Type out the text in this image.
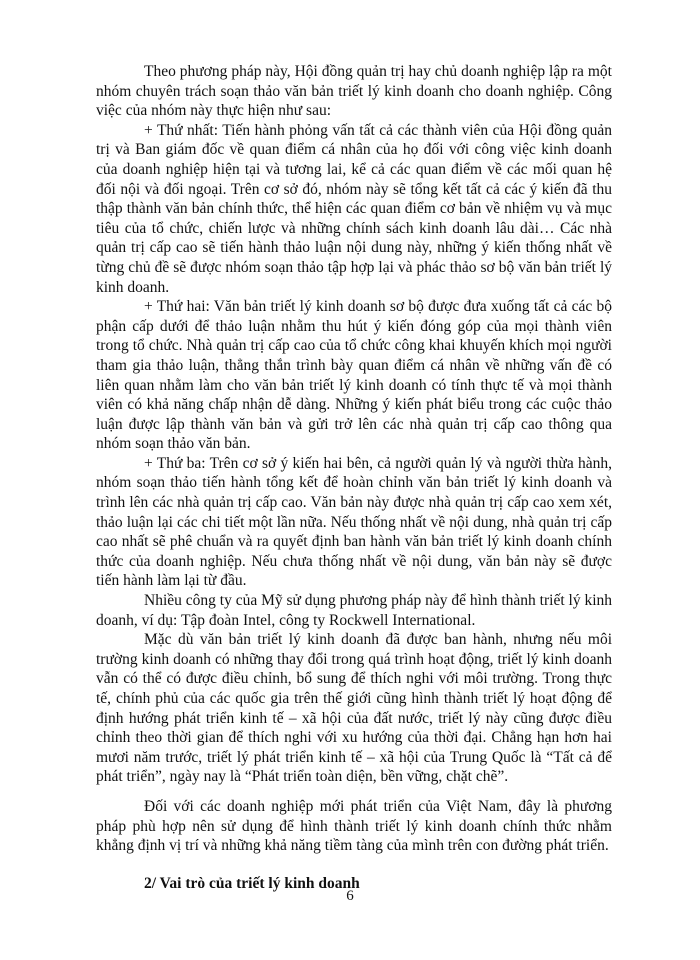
Theo phương pháp này, Hội đồng quản trị hay chủ doanh nghiệp lập ra một nhóm chuyên trách soạn thảo văn bản triết lý kinh doanh cho doanh nghiệp. Công việc của nhóm này thực hiện như sau:

+ Thứ nhất: Tiến hành phỏng vấn tất cả các thành viên của Hội đồng quản trị và Ban giám đốc về quan điểm cá nhân của họ đối với công việc kinh doanh của doanh nghiệp hiện tại và tương lai, kể cả các quan điểm về các mối quan hệ đối nội và đối ngoại. Trên cơ sở đó, nhóm này sẽ tổng kết tất cả các ý kiến đã thu thập thành văn bản chính thức, thể hiện các quan điểm cơ bản về nhiệm vụ và mục tiêu của tổ chức, chiến lược và những chính sách kinh doanh lâu dài… Các nhà quản trị cấp cao sẽ tiến hành thảo luận nội dung này, những ý kiến thống nhất về từng chủ đề sẽ được nhóm soạn thảo tập hợp lại và phác thảo sơ bộ văn bản triết lý kinh doanh.

+ Thứ hai: Văn bản triết lý kinh doanh sơ bộ được đưa xuống tất cả các bộ phận cấp dưới để thảo luận nhằm thu hút ý kiến đóng góp của mọi thành viên trong tổ chức. Nhà quản trị cấp cao của tổ chức công khai khuyến khích mọi người tham gia thảo luận, thẳng thắn trình bày quan điểm cá nhân về những vấn đề có liên quan nhằm làm cho văn bản triết lý kinh doanh có tính thực tế và mọi thành viên có khả năng chấp nhận dễ dàng. Những ý kiến phát biểu trong các cuộc thảo luận được lập thành văn bản và gửi trở lên các nhà quản trị cấp cao thông qua nhóm soạn thảo văn bản.

+ Thứ ba: Trên cơ sở ý kiến hai bên, cả người quản lý và người thừa hành, nhóm soạn thảo tiến hành tổng kết để hoàn chỉnh văn bản triết lý kinh doanh và trình lên các nhà quản trị cấp cao. Văn bản này được nhà quản trị cấp cao xem xét, thảo luận lại các chi tiết một lần nữa. Nếu thống nhất về nội dung, nhà quản trị cấp cao nhất sẽ phê chuẩn và ra quyết định ban hành văn bản triết lý kinh doanh chính thức của doanh nghiệp. Nếu chưa thống nhất về nội dung, văn bản này sẽ được tiến hành làm lại từ đầu.

Nhiều công ty của Mỹ sử dụng phương pháp này để hình thành triết lý kinh doanh, ví dụ: Tập đoàn Intel, công ty Rockwell International.

Mặc dù văn bản triết lý kinh doanh đã được ban hành, nhưng nếu môi trường kinh doanh có những thay đổi trong quá trình hoạt động, triết lý kinh doanh vẫn có thể có được điều chỉnh, bổ sung để thích nghi với môi trường. Trong thực tế, chính phủ của các quốc gia trên thế giới cũng hình thành triết lý hoạt động để định hướng phát triển kinh tế – xã hội của đất nước, triết lý này cũng được điều chỉnh theo thời gian để thích nghi với xu hướng của thời đại. Chẳng hạn hơn hai mươi năm trước, triết lý phát triển kinh tế – xã hội của Trung Quốc là “Tất cả để phát triển”, ngày nay là “Phát triển toàn diện, bền vững, chặt chẽ”.

Đối với các doanh nghiệp mới phát triển của Việt Nam, đây là phương pháp phù hợp nên sử dụng để hình thành triết lý kinh doanh chính thức nhằm khẳng định vị trí và những khả năng tiềm tàng của mình trên con đường phát triển.

2/ Vai trò của triết lý kinh doanh
6
